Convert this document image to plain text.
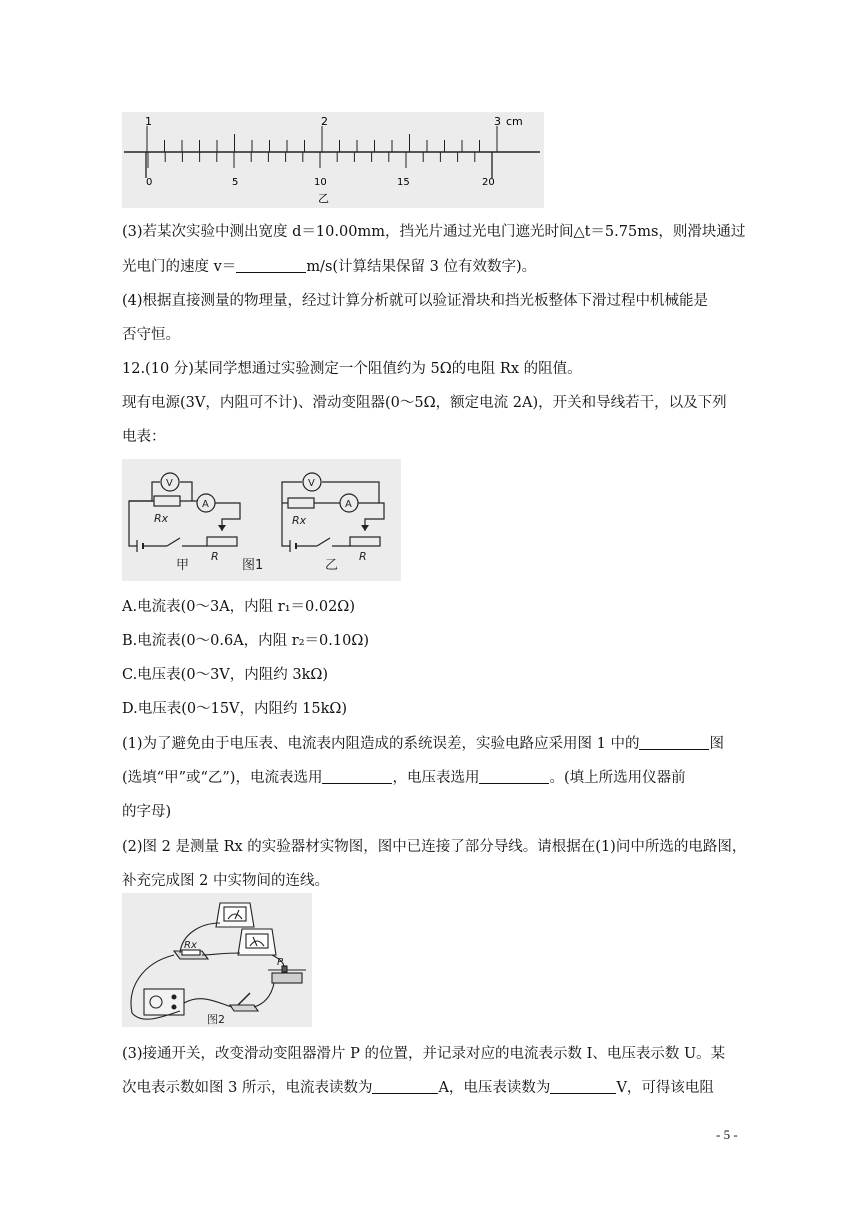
1	2	3 cm
0	5	10	15	20
乙
(3)若某次实验中测出宽度 d＝10.00mm，挡光片通过光电门遮光时间△t＝5.75ms，则滑块通过
光电门的速度 v＝	m/s(计算结果保留 3 位有效数字)。
(4)根据直接测量的物理量，经过计算分析就可以验证滑块和挡光板整体下滑过程中机械能是
否守恒。
12.(10 分)某同学想通过实验测定一个阻值约为 5Ω的电阻 Rx 的阻值。
现有电源(3V，内阻可不计)、滑动变阻器(0～5Ω，额定电流 2A)，开关和导线若干，以及下列
电表：
V
A
Rx
R
甲	图1
V
A
Rx
R
乙
A.电流表(0～3A，内阻 r₁＝0.02Ω)
B.电流表(0～0.6A，内阻 r₂＝0.10Ω)
C.电压表(0～3V，内阻约 3kΩ)
D.电压表(0～15V，内阻约 15kΩ)
(1)为了避免由于电压表、电流表内阻造成的系统误差，实验电路应采用图 1 中的	图
(选填“甲”或“乙”)，电流表选用	，电压表选用	。(填上所选用仪器前
的字母)
(2)图 2 是测量 Rx 的实验器材实物图，图中已连接了部分导线。请根据在(1)问中所选的电路图，
补充完成图 2 中实物间的连线。
Rx
P
图2
(3)接通开关，改变滑动变阻器滑片 P 的位置，并记录对应的电流表示数 I、电压表示数 U。某
次电表示数如图 3 所示，电流表读数为	A，电压表读数为	V，可得该电阻
- 5 -
